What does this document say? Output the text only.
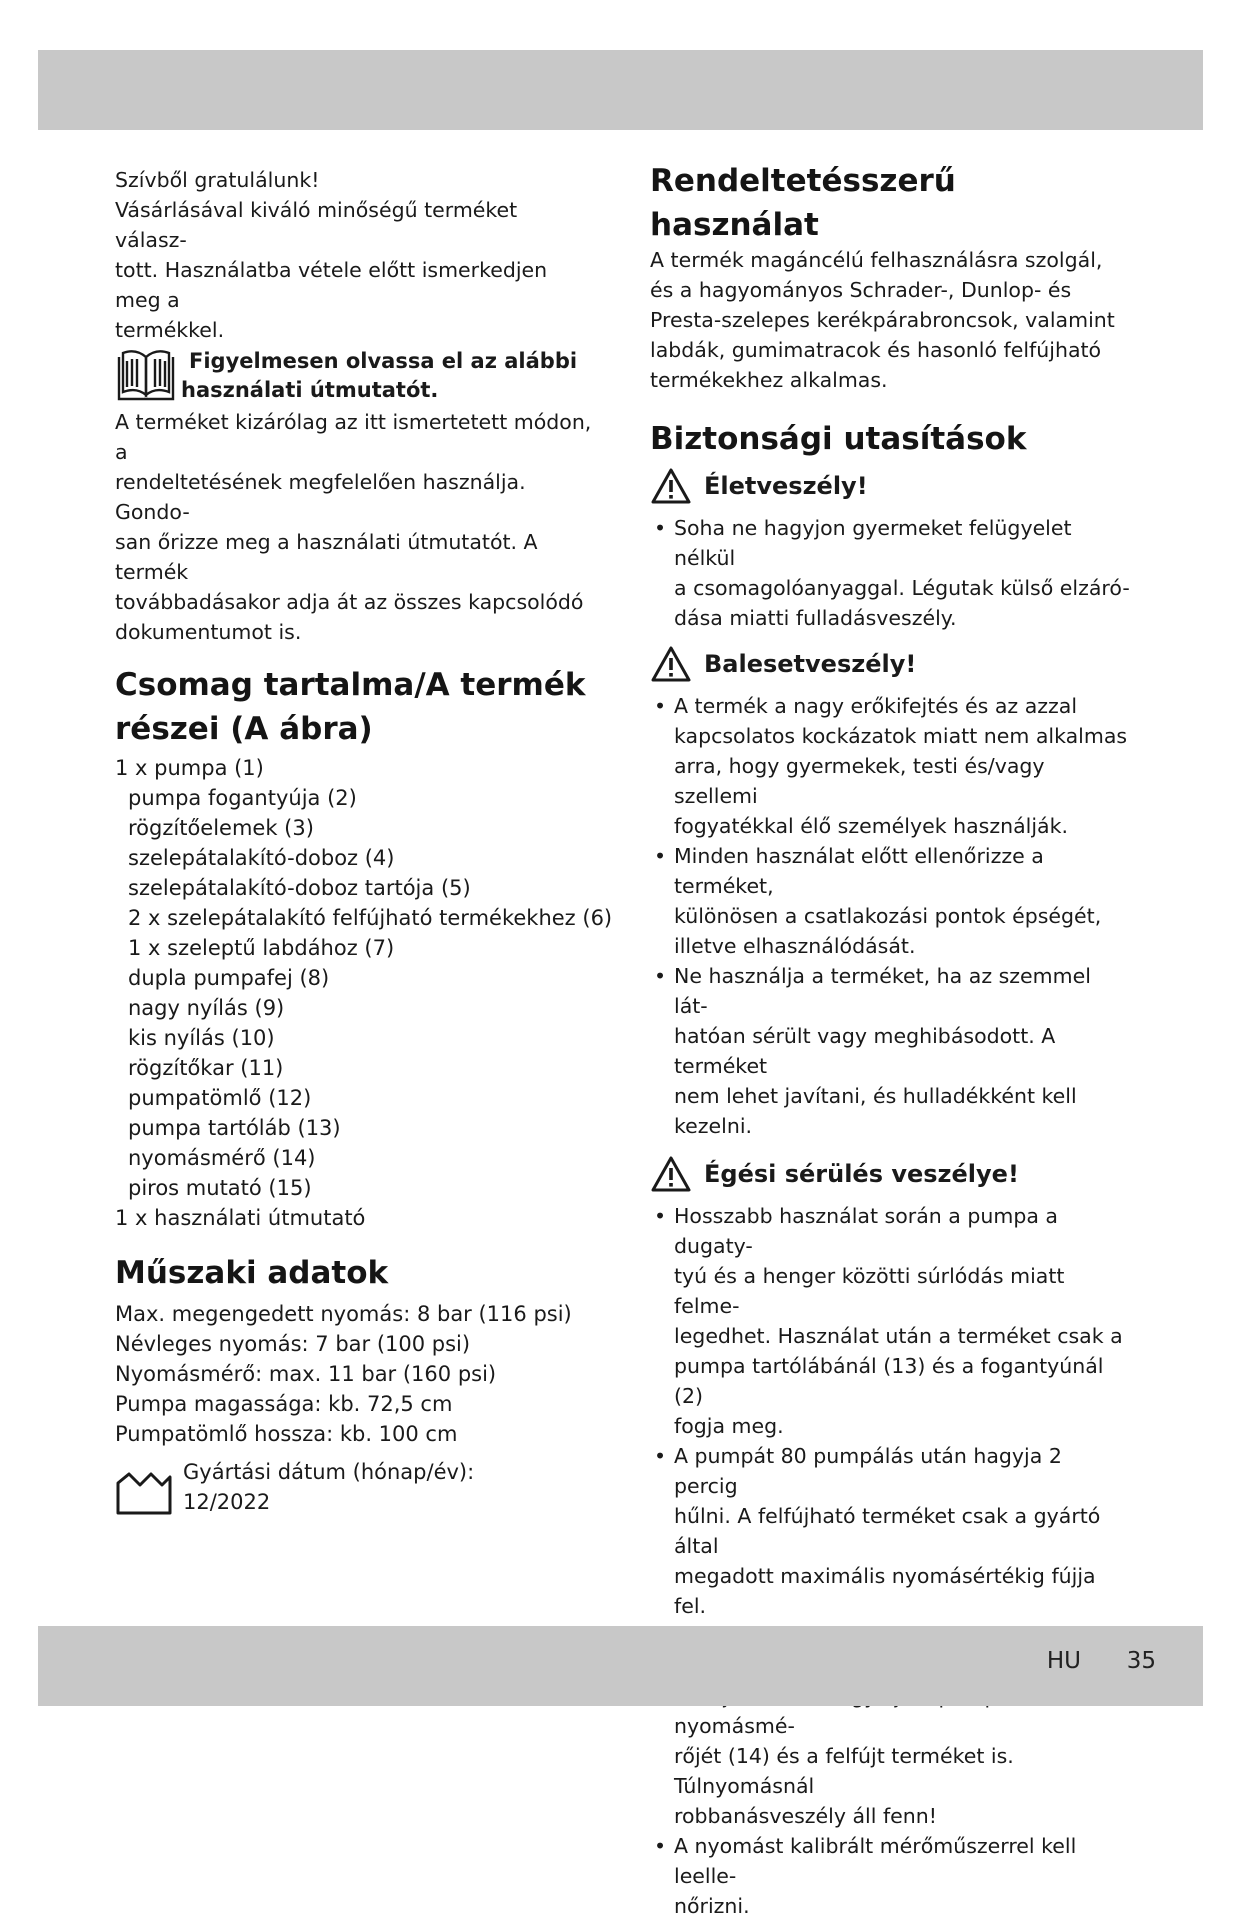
Szívből gratulálunk!
Vásárlásával kiváló minőségű terméket válasz-
tott. Használatba vétele előtt ismerkedjen meg a
termékkel.
Figyelmesen olvassa el az alábbi
használati útmutatót.
A terméket kizárólag az itt ismertetett módon, a
rendeltetésének megfelelően használja. Gondo-
san őrizze meg a használati útmutatót. A termék
továbbadásakor adja át az összes kapcsolódó
dokumentumot is.
Csomag tartalma/A termék
részei (A ábra)
1 x pumpa (1)
pumpa fogantyúja (2)
rögzítőelemek (3)
szelepátalakító-doboz (4)
szelepátalakító-doboz tartója (5)
2 x szelepátalakító felfújható termékekhez (6)
1 x szeleptű labdához (7)
dupla pumpafej (8)
nagy nyílás (9)
kis nyílás (10)
rögzítőkar (11)
pumpatömlő (12)
pumpa tartóláb (13)
nyomásmérő (14)
piros mutató (15)
1 x használati útmutató
Műszaki adatok
Max. megengedett nyomás: 8 bar (116 psi)
Névleges nyomás: 7 bar (100 psi)
Nyomásmérő: max. 11 bar (160 psi)
Pumpa magassága: kb. 72,5 cm
Pumpatömlő hossza: kb. 100 cm
Gyártási dátum (hónap/év):
12/2022
Rendeltetésszerű használat
A termék magáncélú felhasználásra szolgál,
és a hagyományos Schrader-, Dunlop- és
Presta-szelepes kerékpárabroncsok, valamint
labdák, gumimatracok és hasonló felfújható
termékekhez alkalmas.
Biztonsági utasítások
Életveszély!
• Soha ne hagyjon gyermeket felügyelet nélkül
a csomagolóanyaggal. Légutak külső elzáró-
dása miatti fulladásveszély.
Balesetveszély!
• A termék a nagy erőkifejtés és az azzal
kapcsolatos kockázatok miatt nem alkalmas
arra, hogy gyermekek, testi és/vagy szellemi
fogyatékkal élő személyek használják.
• Minden használat előtt ellenőrizze a terméket,
különösen a csatlakozási pontok épségét,
illetve elhasználódását.
• Ne használja a terméket, ha az szemmel lát-
hatóan sérült vagy meghibásodott. A terméket
nem lehet javítani, és hulladékként kell kezelni.
Égési sérülés veszélye!
• Hosszabb használat során a pumpa a dugaty-
tyú és a henger közötti súrlódás miatt felme-
legedhet. Használat után a terméket csak a
pumpa tartólábánál (13) és a fogantyúnál (2)
fogja meg.
• A pumpát 80 pumpálás után hagyja 2 percig
hűlni. A felfújható terméket csak a gyártó által
megadott maximális nyomásértékig fújja fel.
• nyomásmé-
rőjét (14) és a felfújt terméket is. Túlnyomásnál
robbanásveszély áll fenn!
• A nyomást kalibrált mérőműszerrel kell leelle-
nőrizni.
HU 35
